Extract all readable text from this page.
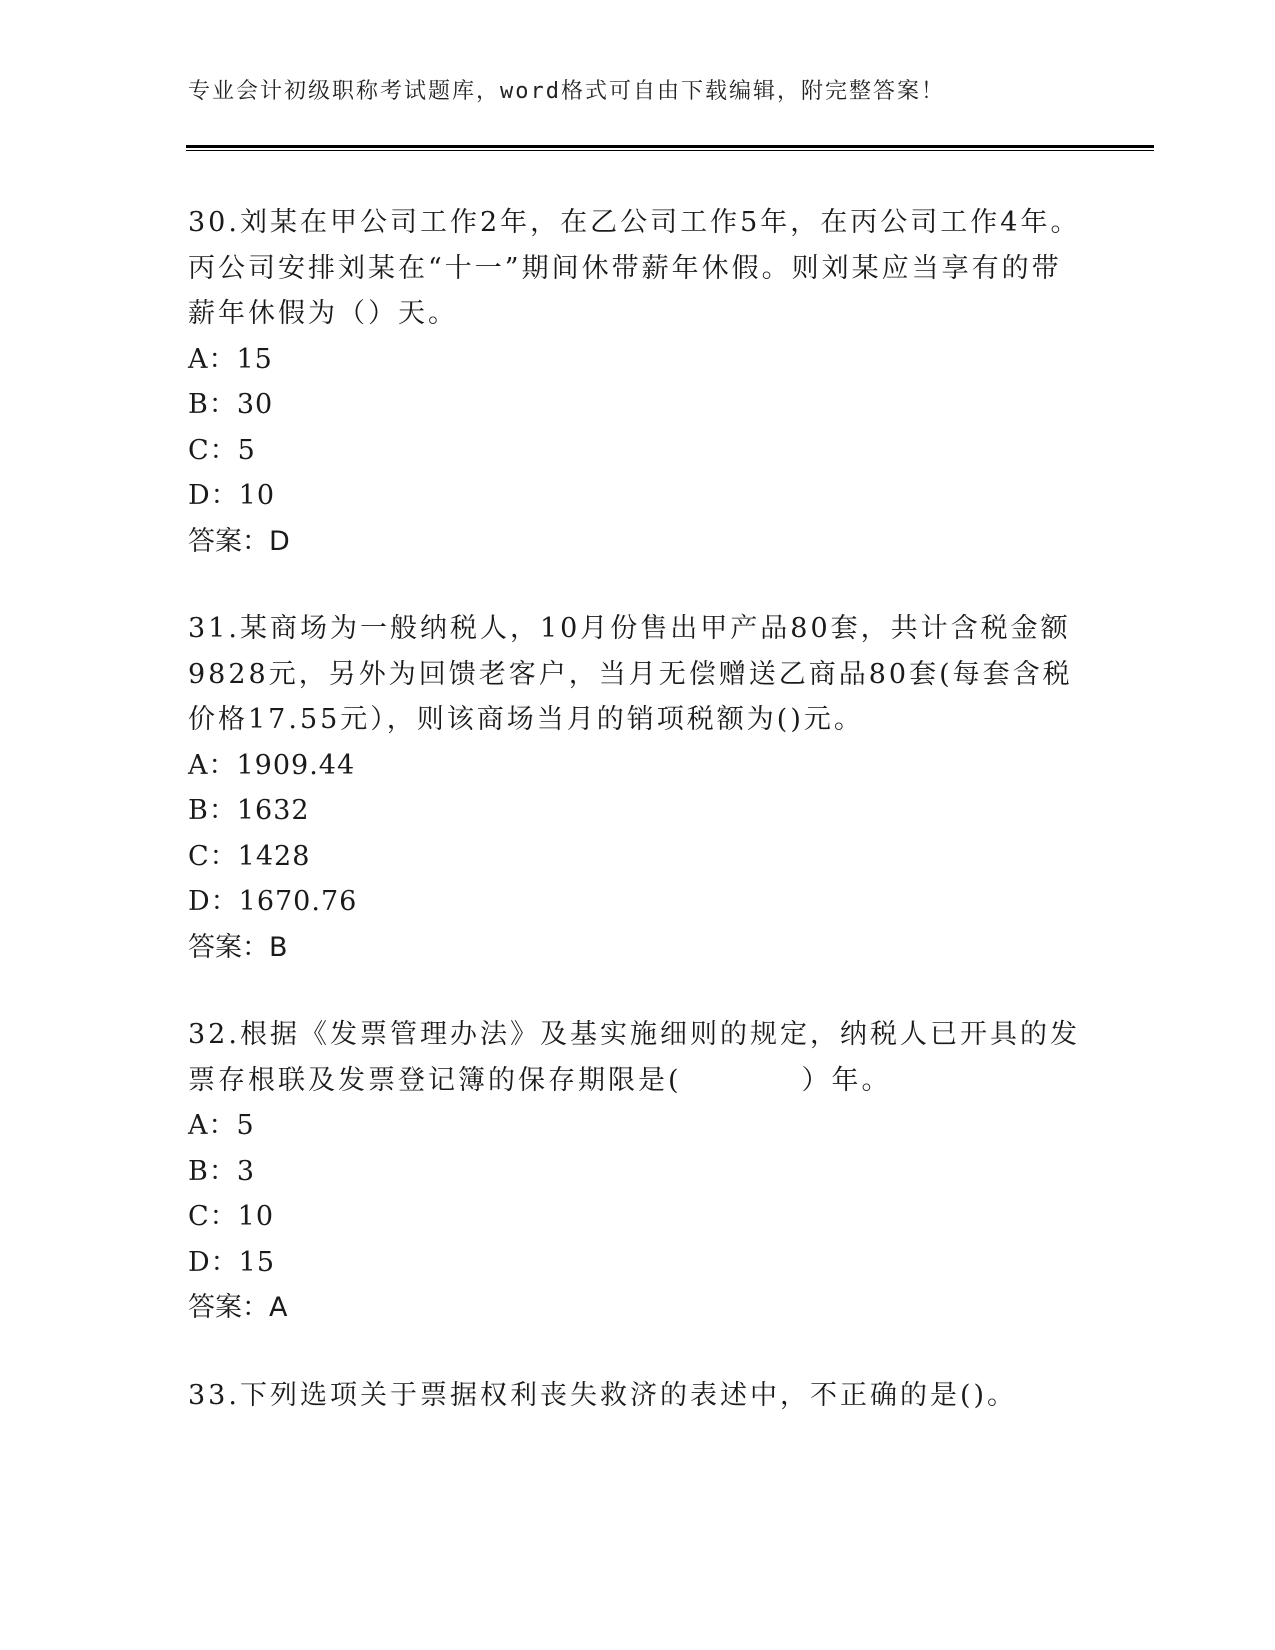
专业会计初级职称考试题库，word格式可自由下载编辑，附完整答案！

30.刘某在甲公司工作2年，在乙公司工作5年，在丙公司工作4年。丙公司安排刘某在“十一”期间休带薪年休假。则刘某应当享有的带薪年休假为（）天。

A：15

B：30

C：5

D：10

答案：D

31.某商场为一般纳税人，10月份售出甲产品80套，共计含税金额9828元，另外为回馈老客户，当月无偿赠送乙商品80套(每套含税价格17.55元），则该商场当月的销项税额为()元。

A：1909.44

B：1632

C：1428

D：1670.76

答案：B

32.根据《发票管理办法》及基实施细则的规定，纳税人已开具的发票存根联及发票登记簿的保存期限是(　　　　）年。

A：5

B：3

C：10

D：15

答案：A

33.下列选项关于票据权利丧失救济的表述中，不正确的是()。
